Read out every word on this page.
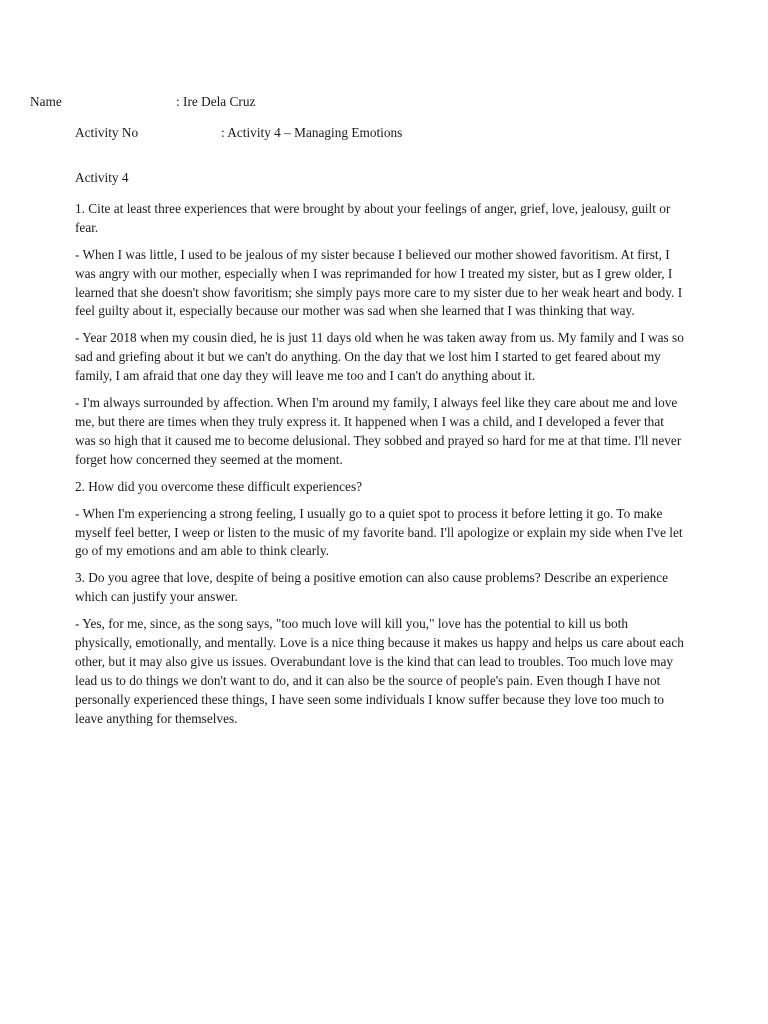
Name	: Ire Dela Cruz
Activity No	: Activity 4 – Managing Emotions

Activity 4

1. Cite at least three experiences that were brought by about your feelings of anger, grief, love, jealousy, guilt or fear.

- When I was little, I used to be jealous of my sister because I believed our mother showed favoritism. At first, I was angry with our mother, especially when I was reprimanded for how I treated my sister, but as I grew older, I learned that she doesn't show favoritism; she simply pays more care to my sister due to her weak heart and body. I feel guilty about it, especially because our mother was sad when she learned that I was thinking that way.

- Year 2018 when my cousin died, he is just 11 days old when he was taken away from us. My family and I was so sad and griefing about it but we can't do anything. On the day that we lost him I started to get feared about my family, I am afraid that one day they will leave me too and I can't do anything about it.

- I'm always surrounded by affection. When I'm around my family, I always feel like they care about me and love me, but there are times when they truly express it. It happened when I was a child, and I developed a fever that was so high that it caused me to become delusional. They sobbed and prayed so hard for me at that time. I'll never forget how concerned they seemed at the moment.

2. How did you overcome these difficult experiences?

- When I'm experiencing a strong feeling, I usually go to a quiet spot to process it before letting it go. To make myself feel better, I weep or listen to the music of my favorite band. I'll apologize or explain my side when I've let go of my emotions and am able to think clearly.

3. Do you agree that love, despite of being a positive emotion can also cause problems? Describe an experience which can justify your answer.

- Yes, for me, since, as the song says, "too much love will kill you," love has the potential to kill us both physically, emotionally, and mentally. Love is a nice thing because it makes us happy and helps us care about each other, but it may also give us issues. Overabundant love is the kind that can lead to troubles. Too much love may lead us to do things we don't want to do, and it can also be the source of people's pain. Even though I have not personally experienced these things, I have seen some individuals I know suffer because they love too much to leave anything for themselves.
